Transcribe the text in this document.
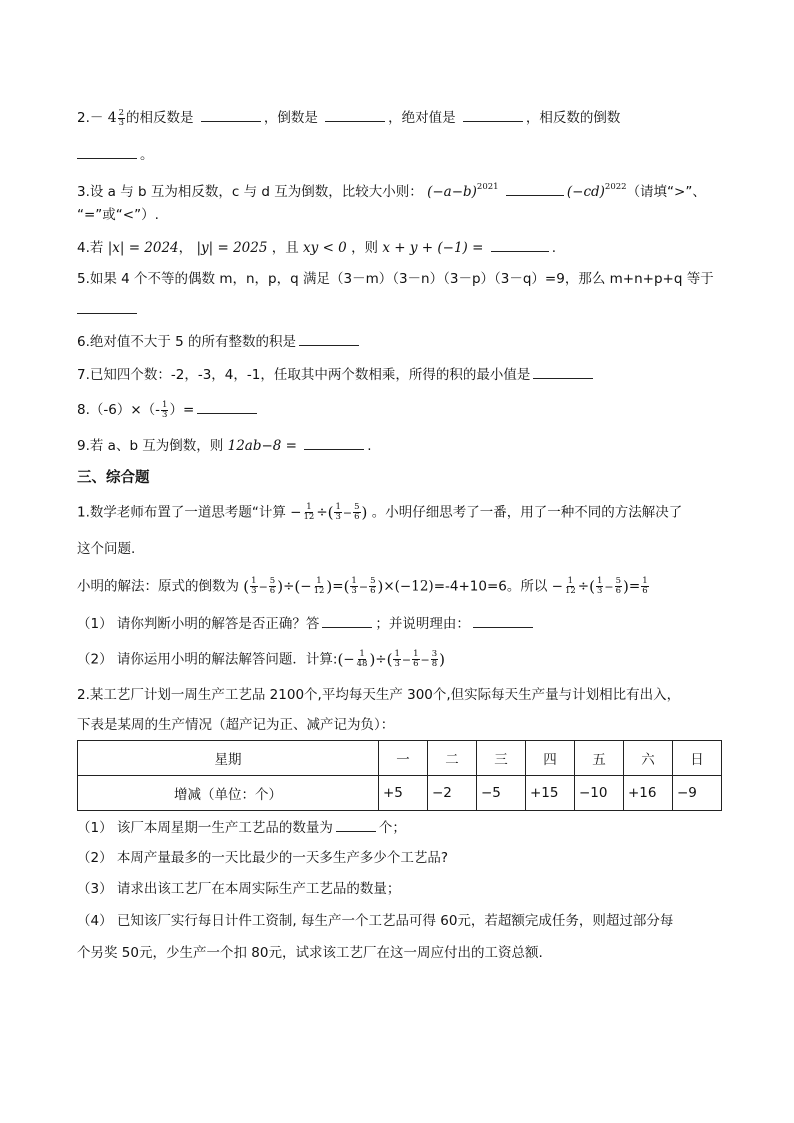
$2.- 4 \frac{2}{3}$ 的相反数是	，倒数是	，绝对值是	，相反数的倒数
。
3.设 a 与 b 互为相反数，c 与 d 互为倒数，比较大小则： $(-a-b)^{2021}$	$(-cd)^{2022}$（请填“>”、
“=”或“<”）.
4.若 |x| = 2024， |y| = 2025 ，且 xy < 0 ，则 x + y + (−1) =	.
5.如果 4 个不等的偶数 m，n，p，q 满足（3－m）（3－n）（3－p）（3－q）=9，那么 m+n+p+q 等于
6.绝对值不大于 5 的所有整数的积是
7.已知四个数：-2，-3，4，-1，任取其中两个数相乘，所得的积的最小值是
$8.(-6)\times(- \frac{1}{3}$ ）=
9.若 a、b 互为倒数，则 12ab−8 =	.
三、综合题
1.数学老师布置了一道思考题“计算 − $\frac{1}{12}$ ÷( $\frac{1}{3} - \frac{5}{6}$ ) 。小明仔细思考了一番，用了一种不同的方法解决了
这个问题.
小明的解法：原式的倒数为 ( $\frac{1}{3} - \frac{5}{6}$ )÷(− $\frac{1}{12}$ )=( $\frac{1}{3} - \frac{5}{6} )\times(-12)=-4+10=6$。所以 − $\frac{1}{12}$ ÷( $\frac{1}{3} - \frac{5}{6}$ )= $\frac{1}{6}$
（1） 请你判断小明的解答是否正确？答	；并说明理由：
（2） 请你运用小明的解法解答问题．计算:(− $\frac{1}{48}$ )÷( $\frac{1}{3} - \frac{1}{6} - \frac{3}{8}$ )
2.某工艺厂计划一周生产工艺品 2100个,平均每天生产 300个,但实际每天生产量与计划相比有出入，
下表是某周的生产情况（超产记为正、减产记为负）：
星期	一	二	三	四	五	六	日
增减（单位：个）	+5	−2	−5	+15	−10	+16	−9
（1） 该厂本周星期一生产工艺品的数量为	个；
（2） 本周产量最多的一天比最少的一天多生产多少个工艺品?
（3） 请求出该工艺厂在本周实际生产工艺品的数量；
（4） 已知该厂实行每日计件工资制, 每生产一个工艺品可得 60元，若超额完成任务，则超过部分每
个另奖 50元，少生产一个扣 80元，试求该工艺厂在这一周应付出的工资总额.
